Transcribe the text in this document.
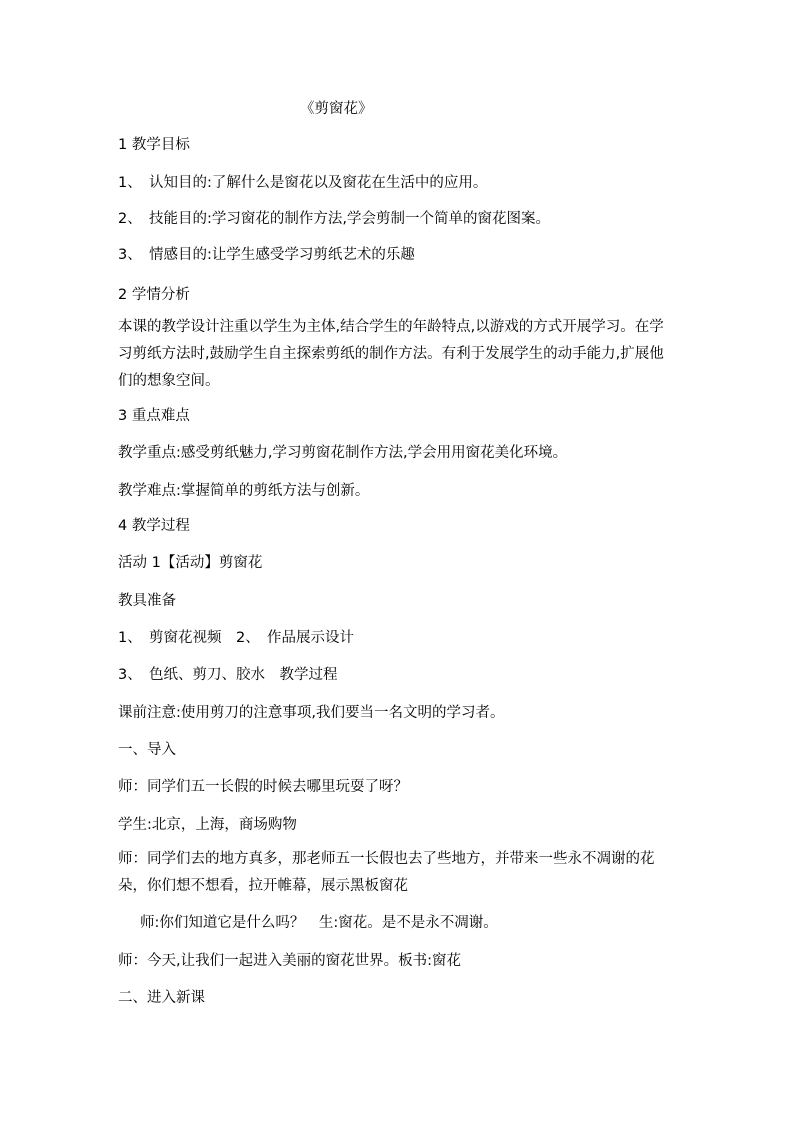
《剪窗花》
1 教学目标
1、　认知目的:了解什么是窗花以及窗花在生活中的应用。
2、　技能目的:学习窗花的制作方法,学会剪制一个简单的窗花图案。
3、　情感目的:让学生感受学习剪纸艺术的乐趣
2 学情分析
本课的教学设计注重以学生为主体,结合学生的年龄特点,以游戏的方式开展学习。在学习剪纸方法时,鼓励学生自主探索剪纸的制作方法。有利于发展学生的动手能力,扩展他们的想象空间。
3 重点难点
教学重点:感受剪纸魅力,学习剪窗花制作方法,学会用用窗花美化环境。
教学难点:掌握简单的剪纸方法与创新。
4 教学过程
活动 1【活动】剪窗花
教具准备
1、　剪窗花视频　2、　作品展示设计
3、　色纸、剪刀、胶水　教学过程
课前注意:使用剪刀的注意事项,我们要当一名文明的学习者。
一、导入
师：同学们五一长假的时候去哪里玩耍了呀？
学生:北京，上海，商场购物
师：同学们去的地方真多，那老师五一长假也去了些地方，并带来一些永不凋谢的花朵，你们想不想看，拉开帷幕，展示黑板窗花
师:你们知道它是什么吗？　生:窗花。是不是永不凋谢。
师：今天,让我们一起进入美丽的窗花世界。板书:窗花
二、进入新课
